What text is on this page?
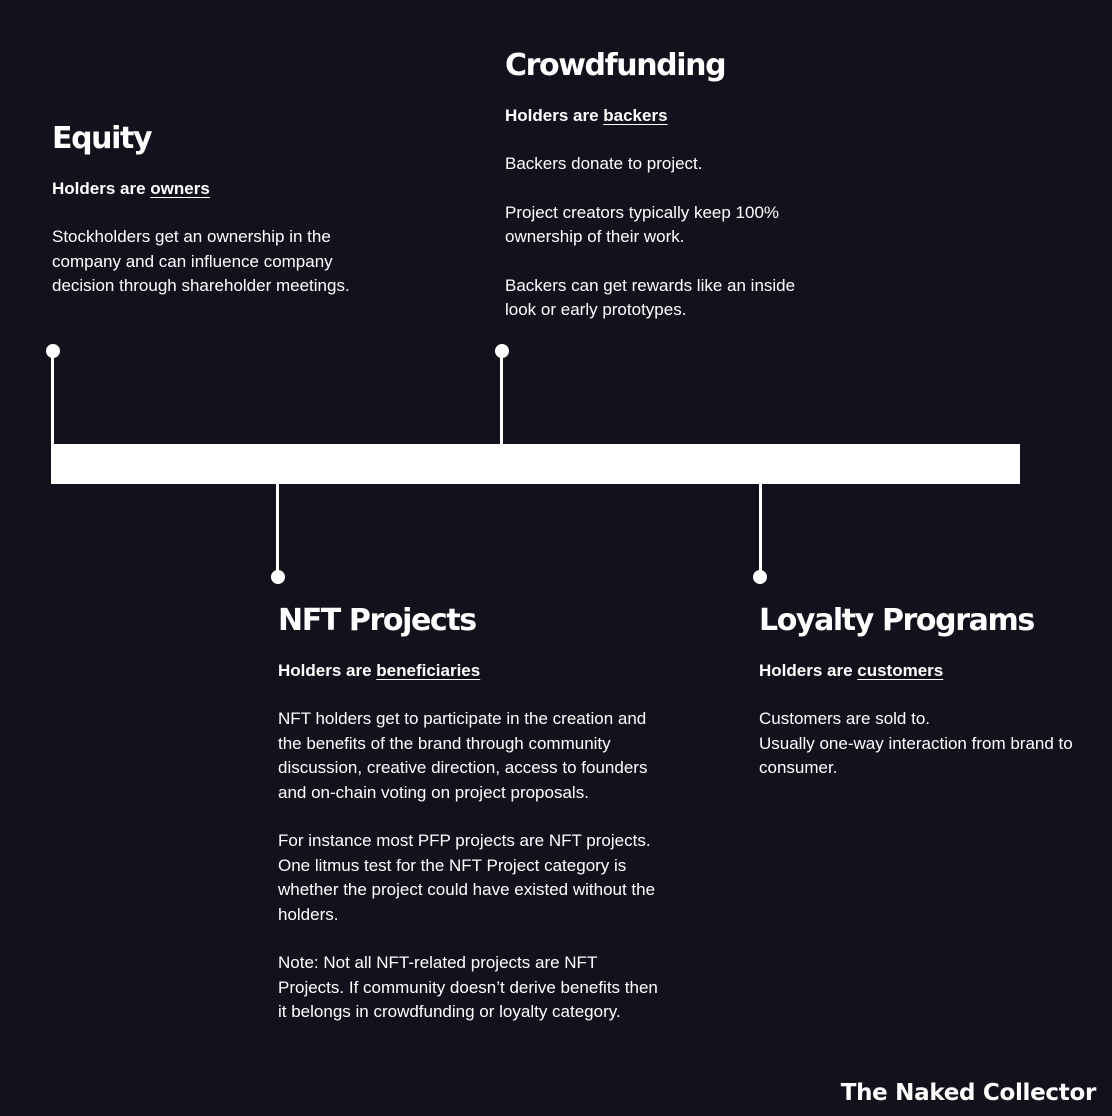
Equity
Holders are owners

Stockholders get an ownership in the company and can influence company decision through shareholder meetings.

Crowdfunding
Holders are backers

Backers donate to project.

Project creators typically keep 100% ownership of their work.

Backers can get rewards like an inside look or early prototypes.

NFT Projects
Holders are beneficiaries

NFT holders get to participate in the creation and the benefits of the brand through community discussion, creative direction, access to founders and on-chain voting on project proposals.

For instance most PFP projects are NFT projects. One litmus test for the NFT Project category is whether the project could have existed without the holders.

Note: Not all NFT-related projects are NFT Projects. If community doesn’t derive benefits then it belongs in crowdfunding or loyalty category.

Loyalty Programs
Holders are customers

Customers are sold to.

Usually one-way interaction from brand to consumer.

The Naked Collector
